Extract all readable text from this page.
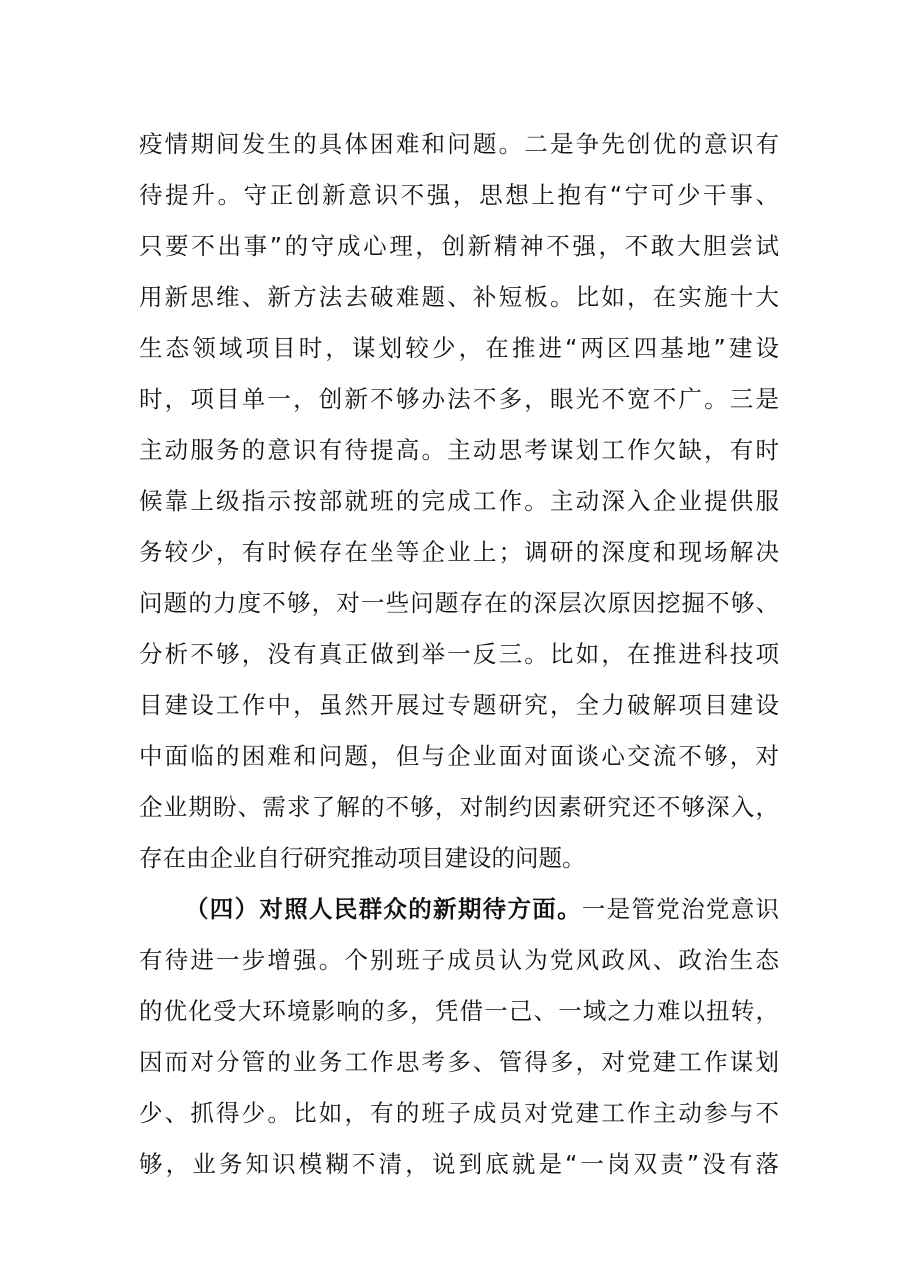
疫情期间发生的具体困难和问题。二是争先创优的意识有
待提升。守正创新意识不强，思想上抱有“宁可少干事、
只要不出事”的守成心理，创新精神不强，不敢大胆尝试
用新思维、新方法去破难题、补短板。比如，在实施十大
生态领域项目时，谋划较少，在推进“两区四基地”建设
时，项目单一，创新不够办法不多，眼光不宽不广。三是
主动服务的意识有待提高。主动思考谋划工作欠缺，有时
候靠上级指示按部就班的完成工作。主动深入企业提供服
务较少，有时候存在坐等企业上；调研的深度和现场解决
问题的力度不够，对一些问题存在的深层次原因挖掘不够、
分析不够，没有真正做到举一反三。比如，在推进科技项
目建设工作中，虽然开展过专题研究，全力破解项目建设
中面临的困难和问题，但与企业面对面谈心交流不够，对
企业期盼、需求了解的不够，对制约因素研究还不够深入，
存在由企业自行研究推动项目建设的问题。
（四）对照人民群众的新期待方面。一是管党治党意识
有待进一步增强。个别班子成员认为党风政风、政治生态
的优化受大环境影响的多，凭借一己、一域之力难以扭转，
因而对分管的业务工作思考多、管得多，对党建工作谋划
少、抓得少。比如，有的班子成员对党建工作主动参与不
够，业务知识模糊不清，说到底就是“一岗双责”没有落
